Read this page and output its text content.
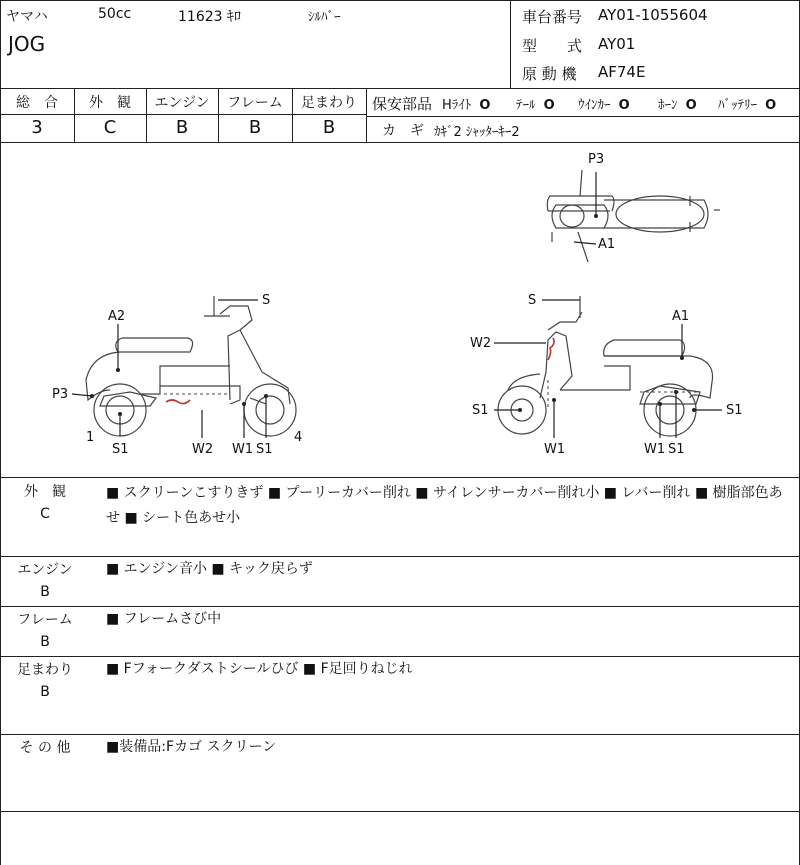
ヤマハ	50cc	11623 ｷﾛ	ｼﾙﾊﾞｰ
JOG
車台番号 AY01-1055604
型　　式 AY01
原 動 機 AF74E
総　合	外　観	エンジン	フレーム	足まわり
3	C	B	B	B
保安部品 Hﾗｲﾄ O ﾃｰﾙ O ｳｲﾝｶｰ O ﾎｰﾝ O ﾊﾞｯﾃﾘｰ O
カ　ギ ｶｷﾞ2 ｼｬｯﾀｰｷｰ2
P3
A1
S
A2
P3
1
S1	W2 W1 S1
4
S
A1
W2
S1	S1
W1	W1 S1
外　観
C
■ スクリーンこすりきず ■ プーリーカバー削れ ■ サイレンサーカバー削れ小 ■ レバー削れ ■ 樹脂部色あせ ■ シート色あせ小
エンジン
B
■ エンジン音小 ■ キック戻らず
フレーム
B
■ フレームさび中
足まわり
B
■ Fフォークダストシールひび ■ F足回りねじれ
そ の 他	■装備品:Fカゴ スクリーン
